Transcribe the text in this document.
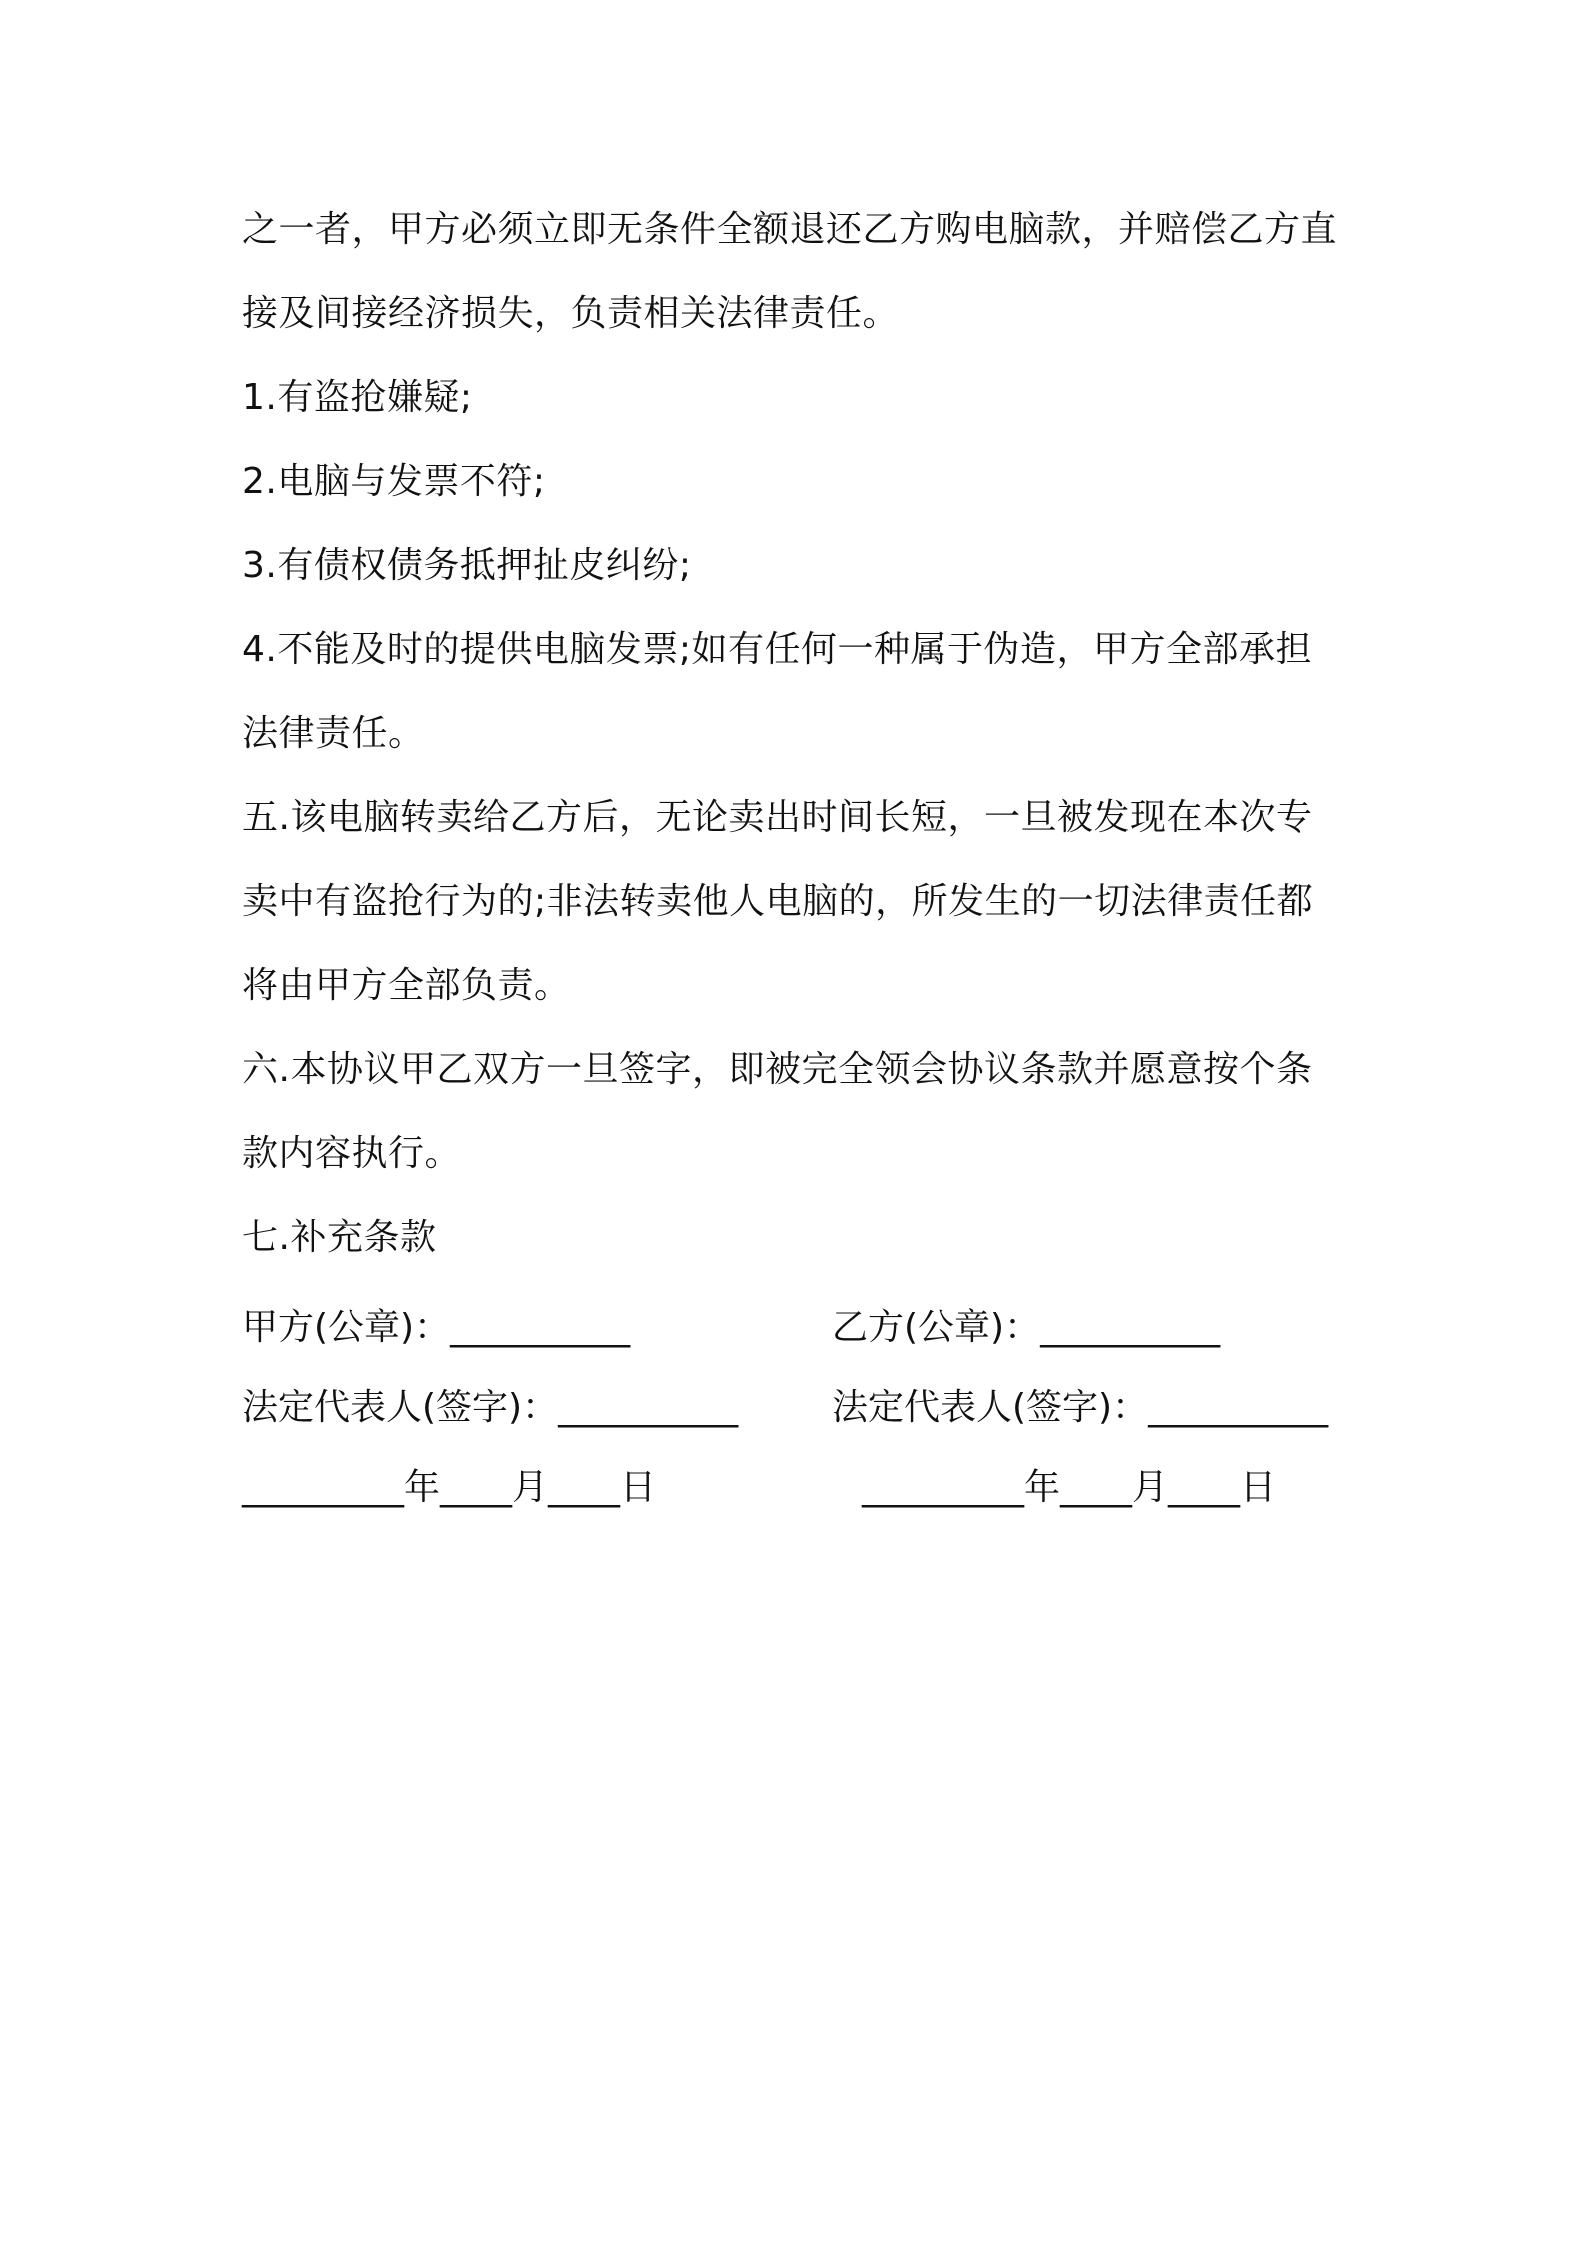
之一者，甲方必须立即无条件全额退还乙方购电脑款，并赔偿乙方直
接及间接经济损失，负责相关法律责任。
1.有盗抢嫌疑;
2.电脑与发票不符;
3.有债权债务抵押扯皮纠纷;
4.不能及时的提供电脑发票;如有任何一种属于伪造，甲方全部承担
法律责任。
五.该电脑转卖给乙方后，无论卖出时间长短，一旦被发现在本次专
卖中有盗抢行为的;非法转卖他人电脑的，所发生的一切法律责任都
将由甲方全部负责。
六.本协议甲乙双方一旦签字，即被完全领会协议条款并愿意按个条
款内容执行。
七.补充条款
甲方(公章)：__________	乙方(公章)：__________
法定代表人(签字)：__________	法定代表人(签字)：__________
_________年____月____日	_________年____月____日
